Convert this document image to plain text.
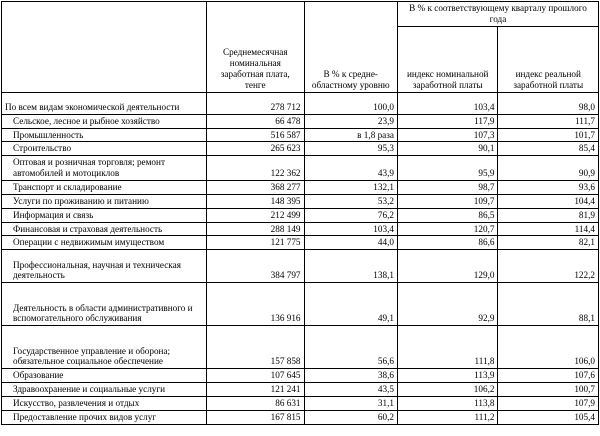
	Среднемесячная номинальная заработная плата, тенге	В % к средне-областному уровню	В % к соответствующему кварталу прошлого года	
			индекс номинальной заработной платы	индекс реальной заработной платы
По всем видам экономической деятельности	278 712	100,0	103,4	98,0
Сельское, лесное и рыбное хозяйство	66 478	23,9	117,9	111,7
Промышленность	516 587	в 1,8 раза	107,3	101,7
Строительство	265 623	95,3	90,1	85,4
Оптовая и розничная торговля; ремонт автомобилей и мотоциклов	122 362	43,9	95,9	90,9
Транспорт и складирование	368 277	132,1	98,7	93,6
Услуги по проживанию и питанию	148 395	53,2	109,7	104,4
Информация и связь	212 499	76,2	86,5	81,9
Финансовая и страховая деятельность	288 149	103,4	120,7	114,4
Операции с недвижимым имуществом	121 775	44,0	86,6	82,1
Профессиональная, научная и техническая деятельность	384 797	138,1	129,0	122,2
Деятельность в области административного и вспомогательного обслуживания	136 916	49,1	92,9	88,1
Государственное управление и оборона; обязательное социальное обеспечение	157 858	56,6	111,8	106,0
Образование	107 645	38,6	113,9	107,6
Здравоохранение и социальные услуги	121 241	43,5	106,2	100,7
Искусство, развлечения и отдых	86 631	31,1	113,8	107,9
Предоставление прочих видов услуг	167 815	60,2	111,2	105,4
